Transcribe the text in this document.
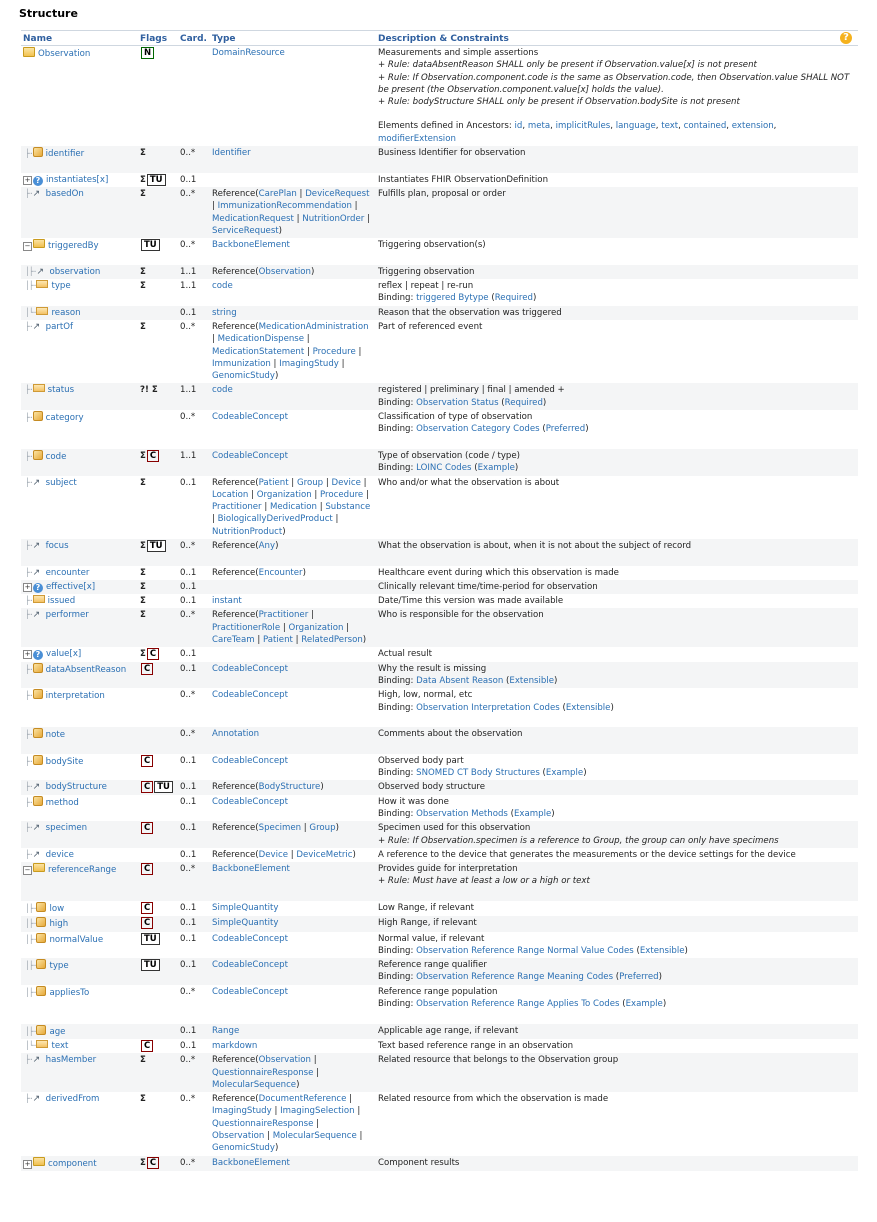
Structure
Name	Flags	Card.	Type	Description & Constraints ?

Observation	N		DomainResource	Measurements and simple assertions
+ Rule: dataAbsentReason SHALL only be present if Observation.value[x] is not present
+ Rule: If Observation.component.code is the same as Observation.code, then Observation.value SHALL NOT be present (the Observation.component.value[x] holds the value).
+ Rule: bodyStructure SHALL only be present if Observation.bodySite is not present
Elements defined in Ancestors: id, meta, implicitRules, language, text, contained, extension, modifierExtension

├· identifier	Σ	0..*	Identifier	Business Identifier for observation

+ ? instantiates[x]	Σ TU	0..1		Instantiates FHIR ObservationDefinition

├·↗ basedOn	Σ	0..*	Reference(CarePlan | DeviceRequest | ImmunizationRecommendation | MedicationRequest | NutritionOrder | ServiceRequest)	Fulfills plan, proposal or order

− triggeredBy	TU	0..*	BackboneElement	Triggering observation(s)

│├·↗ observation	Σ	1..1	Reference(Observation)	Triggering observation

│├· type	Σ	1..1	code	reflex | repeat | re-run
Binding: triggered Bytype (Required)

│└· reason		0..1	string	Reason that the observation was triggered

├·↗ partOf	Σ	0..*	Reference(MedicationAdministration | MedicationDispense | MedicationStatement | Procedure | Immunization | ImagingStudy | GenomicStudy)	Part of referenced event

├· status	?! Σ	1..1	code	registered | preliminary | final | amended +
Binding: Observation Status (Required)

├· category		0..*	CodeableConcept	Classification of type of observation
Binding: Observation Category Codes (Preferred)

├· code	Σ C	1..1	CodeableConcept	Type of observation (code / type)
Binding: LOINC Codes (Example)

├·↗ subject	Σ	0..1	Reference(Patient | Group | Device | Location | Organization | Procedure | Practitioner | Medication | Substance | BiologicallyDerivedProduct | NutritionProduct)	Who and/or what the observation is about

├·↗ focus	Σ TU	0..*	Reference(Any)	What the observation is about, when it is not about the subject of record

├·↗ encounter	Σ	0..1	Reference(Encounter)	Healthcare event during which this observation is made

+ ? effective[x]	Σ	0..1		Clinically relevant time/time-period for observation

├· issued	Σ	0..1	instant	Date/Time this version was made available

├·↗ performer	Σ	0..*	Reference(Practitioner | PractitionerRole | Organization | CareTeam | Patient | RelatedPerson)	Who is responsible for the observation

+ ? value[x]	Σ C	0..1		Actual result

├· dataAbsentReason	C	0..1	CodeableConcept	Why the result is missing
Binding: Data Absent Reason (Extensible)

├· interpretation		0..*	CodeableConcept	High, low, normal, etc
Binding: Observation Interpretation Codes (Extensible)

├· note		0..*	Annotation	Comments about the observation

├· bodySite	C	0..1	CodeableConcept	Observed body part
Binding: SNOMED CT Body Structures (Example)

├·↗ bodyStructure	C TU	0..1	Reference(BodyStructure)	Observed body structure

├· method		0..1	CodeableConcept	How it was done
Binding: Observation Methods (Example)

├·↗ specimen	C	0..1	Reference(Specimen | Group)	Specimen used for this observation
+ Rule: If Observation.specimen is a reference to Group, the group can only have specimens

├·↗ device		0..1	Reference(Device | DeviceMetric)	A reference to the device that generates the measurements or the device settings for the device

− referenceRange	C	0..*	BackboneElement	Provides guide for interpretation
+ Rule: Must have at least a low or a high or text

│├· low	C	0..1	SimpleQuantity	Low Range, if relevant

│├· high	C	0..1	SimpleQuantity	High Range, if relevant

│├· normalValue	TU	0..1	CodeableConcept	Normal value, if relevant
Binding: Observation Reference Range Normal Value Codes (Extensible)

│├· type	TU	0..1	CodeableConcept	Reference range qualifier
Binding: Observation Reference Range Meaning Codes (Preferred)

│├· appliesTo		0..*	CodeableConcept	Reference range population
Binding: Observation Reference Range Applies To Codes (Example)

│├· age		0..1	Range	Applicable age range, if relevant

│└· text	C	0..1	markdown	Text based reference range in an observation

├·↗ hasMember	Σ	0..*	Reference(Observation | QuestionnaireResponse | MolecularSequence)	Related resource that belongs to the Observation group

├·↗ derivedFrom	Σ	0..*	Reference(DocumentReference | ImagingStudy | ImagingSelection | QuestionnaireResponse | Observation | MolecularSequence | GenomicStudy)	Related resource from which the observation is made

+ component	Σ C	0..*	BackboneElement	Component results
